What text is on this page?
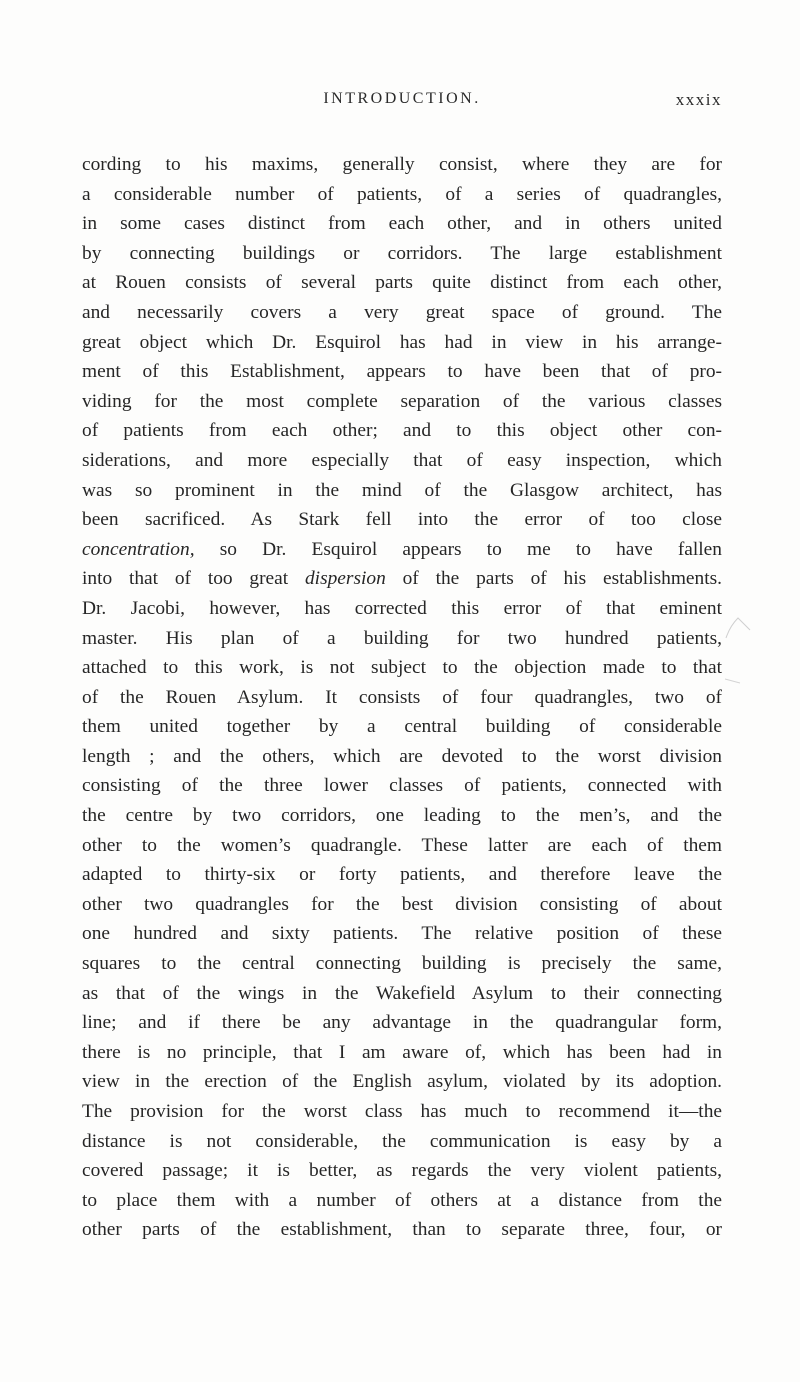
INTRODUCTION.	xxxix
cording to his maxims, generally consist, where they are for
a considerable number of patients, of a series of quadrangles,
in some cases distinct from each other, and in others united
by connecting buildings or corridors. The large establishment
at Rouen consists of several parts quite distinct from each other,
and necessarily covers a very great space of ground. The
great object which Dr. Esquirol has had in view in his arrange-
ment of this Establishment, appears to have been that of pro-
viding for the most complete separation of the various classes
of patients from each other; and to this object other con-
siderations, and more especially that of easy inspection, which
was so prominent in the mind of the Glasgow architect, has
been sacrificed. As Stark fell into the error of too close
concentration, so Dr. Esquirol appears to me to have fallen
into that of too great dispersion of the parts of his establishments.
Dr. Jacobi, however, has corrected this error of that eminent
master. His plan of a building for two hundred patients,
attached to this work, is not subject to the objection made to that
of the Rouen Asylum. It consists of four quadrangles, two of
them united together by a central building of considerable
length ; and the others, which are devoted to the worst division
consisting of the three lower classes of patients, connected with
the centre by two corridors, one leading to the men’s, and the
other to the women’s quadrangle. These latter are each of them
adapted to thirty-six or forty patients, and therefore leave the
other two quadrangles for the best division consisting of about
one hundred and sixty patients. The relative position of these
squares to the central connecting building is precisely the same,
as that of the wings in the Wakefield Asylum to their connecting
line; and if there be any advantage in the quadrangular form,
there is no principle, that I am aware of, which has been had in
view in the erection of the English asylum, violated by its adoption.
The provision for the worst class has much to recommend it—the
distance is not considerable, the communication is easy by a
covered passage; it is better, as regards the very violent patients,
to place them with a number of others at a distance from the
other parts of the establishment, than to separate three, four, or
